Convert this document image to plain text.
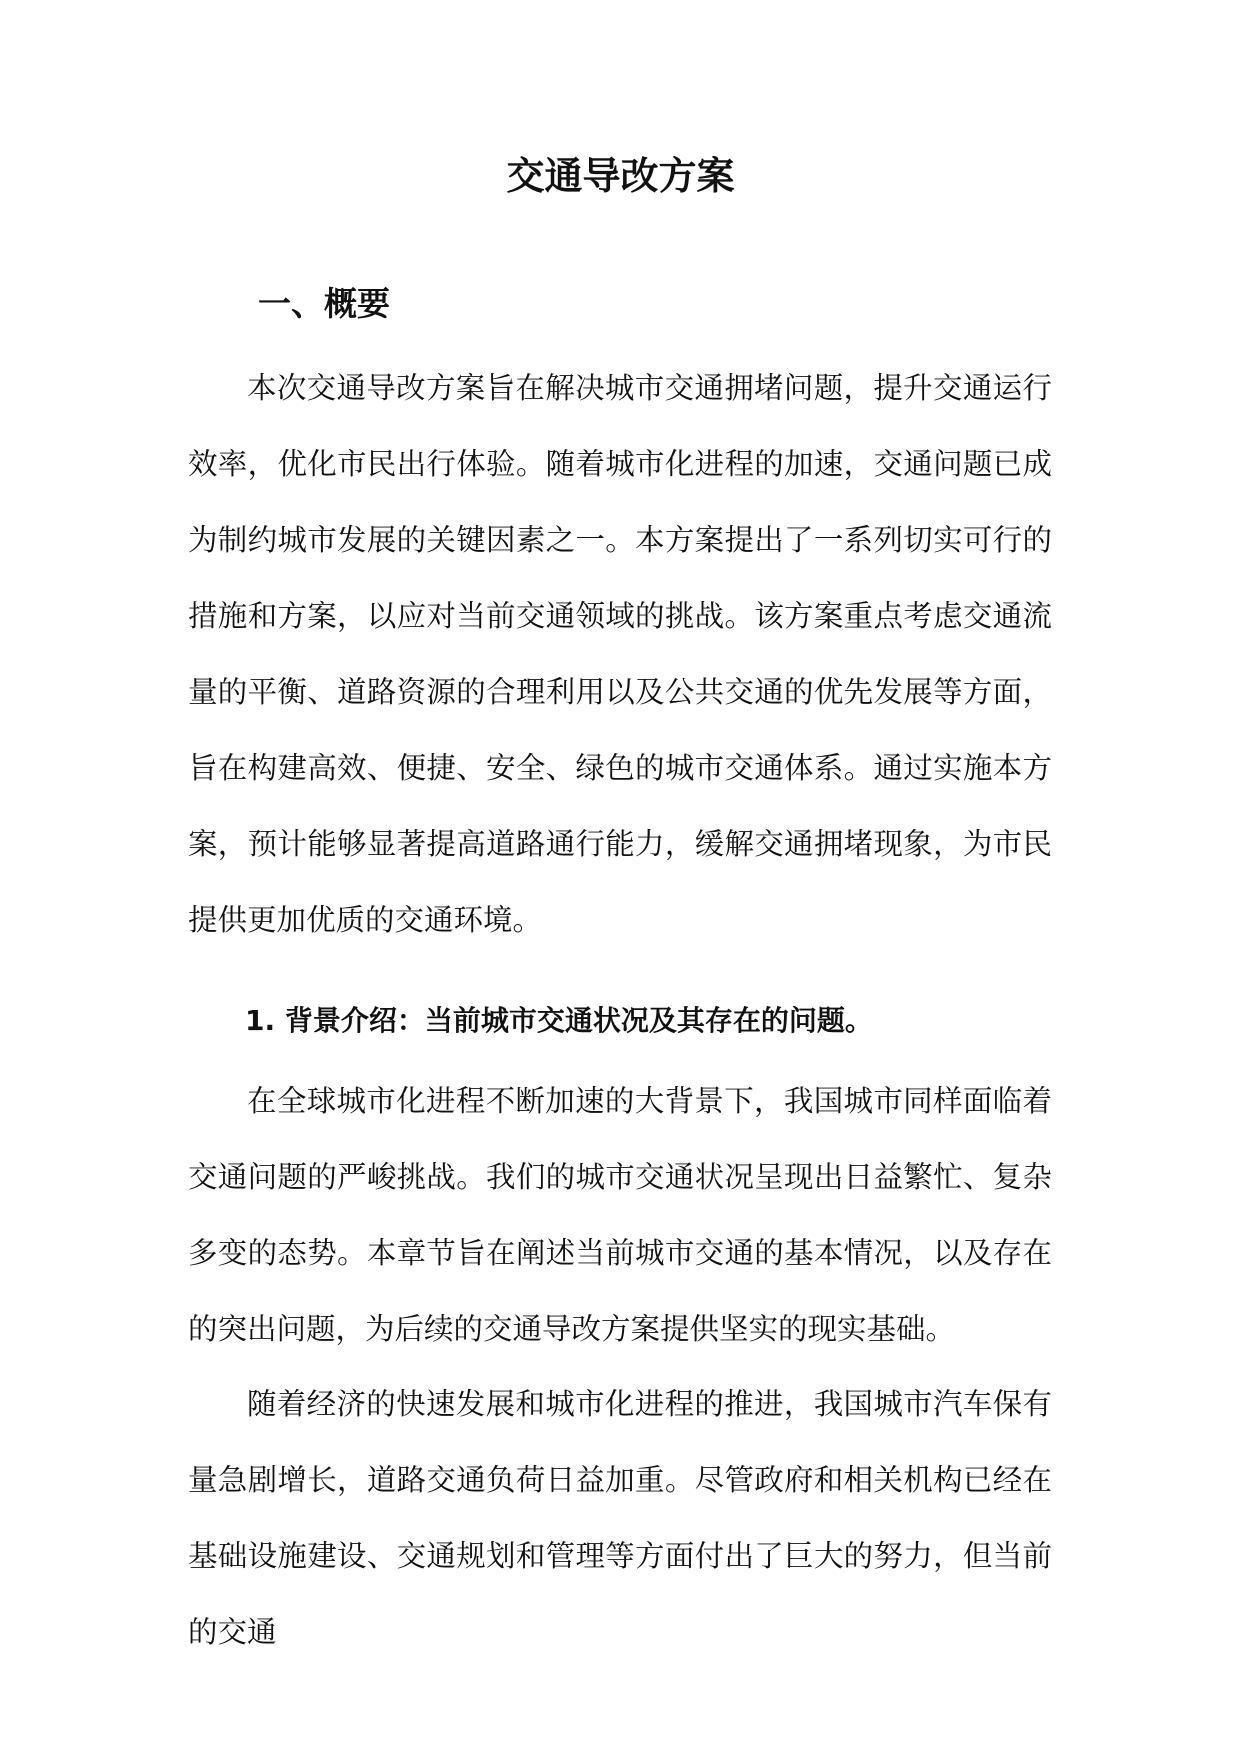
交通导改方案
一、概要

本次交通导改方案旨在解决城市交通拥堵问题，提升交通运行效率，优化市民出行体验。随着城市化进程的加速，交通问题已成为制约城市发展的关键因素之一。本方案提出了一系列切实可行的措施和方案，以应对当前交通领域的挑战。该方案重点考虑交通流量的平衡、道路资源的合理利用以及公共交通的优先发展等方面，旨在构建高效、便捷、安全、绿色的城市交通体系。通过实施本方案，预计能够显著提高道路通行能力，缓解交通拥堵现象，为市民提供更加优质的交通环境。

1. 背景介绍：当前城市交通状况及其存在的问题。

在全球城市化进程不断加速的大背景下，我国城市同样面临着交通问题的严峻挑战。我们的城市交通状况呈现出日益繁忙、复杂多变的态势。本章节旨在阐述当前城市交通的基本情况，以及存在的突出问题，为后续的交通导改方案提供坚实的现实基础。

随着经济的快速发展和城市化进程的推进，我国城市汽车保有量急剧增长，道路交通负荷日益加重。尽管政府和相关机构已经在基础设施建设、交通规划和管理等方面付出了巨大的努力，但当前的交通
